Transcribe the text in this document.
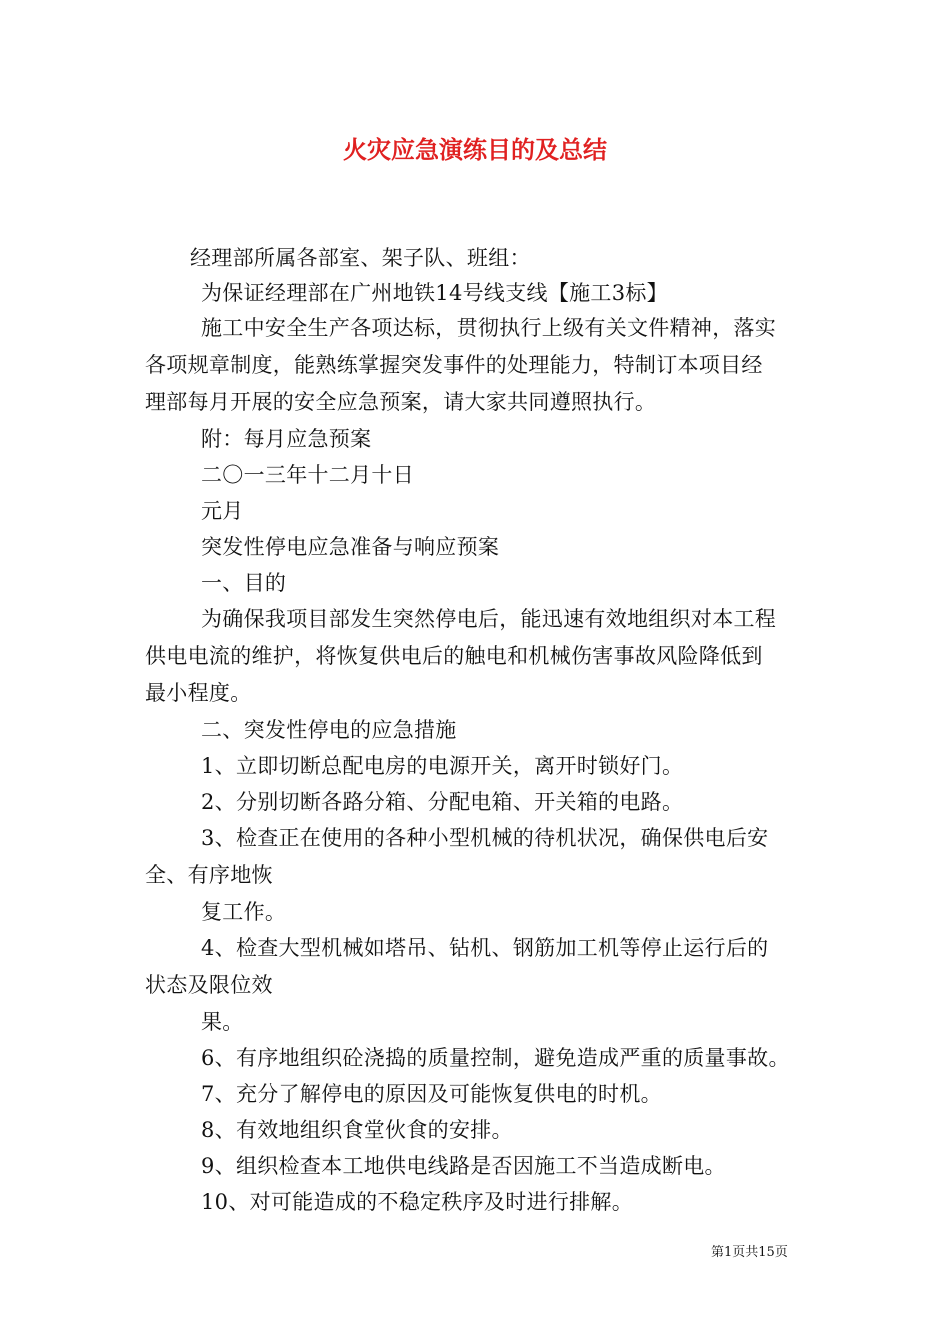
火灾应急演练目的及总结
经理部所属各部室、架子队、班组：
为保证经理部在广州地铁14号线支线【施工3标】
施工中安全生产各项达标，贯彻执行上级有关文件精神，落实
各项规章制度，能熟练掌握突发事件的处理能力，特制订本项目经
理部每月开展的安全应急预案，请大家共同遵照执行。
附：每月应急预案
二〇一三年十二月十日
元月
突发性停电应急准备与响应预案
一、目的
为确保我项目部发生突然停电后，能迅速有效地组织对本工程
供电电流的维护，将恢复供电后的触电和机械伤害事故风险降低到
最小程度。
二、突发性停电的应急措施
1、立即切断总配电房的电源开关，离开时锁好门。
2、分别切断各路分箱、分配电箱、开关箱的电路。
3、检查正在使用的各种小型机械的待机状况，确保供电后安
全、有序地恢
复工作。
4、检查大型机械如塔吊、钻机、钢筋加工机等停止运行后的
状态及限位效
果。
6、有序地组织砼浇捣的质量控制，避免造成严重的质量事故。
7、充分了解停电的原因及可能恢复供电的时机。
8、有效地组织食堂伙食的安排。
9、组织检查本工地供电线路是否因施工不当造成断电。
10、对可能造成的不稳定秩序及时进行排解。
第1页共15页
